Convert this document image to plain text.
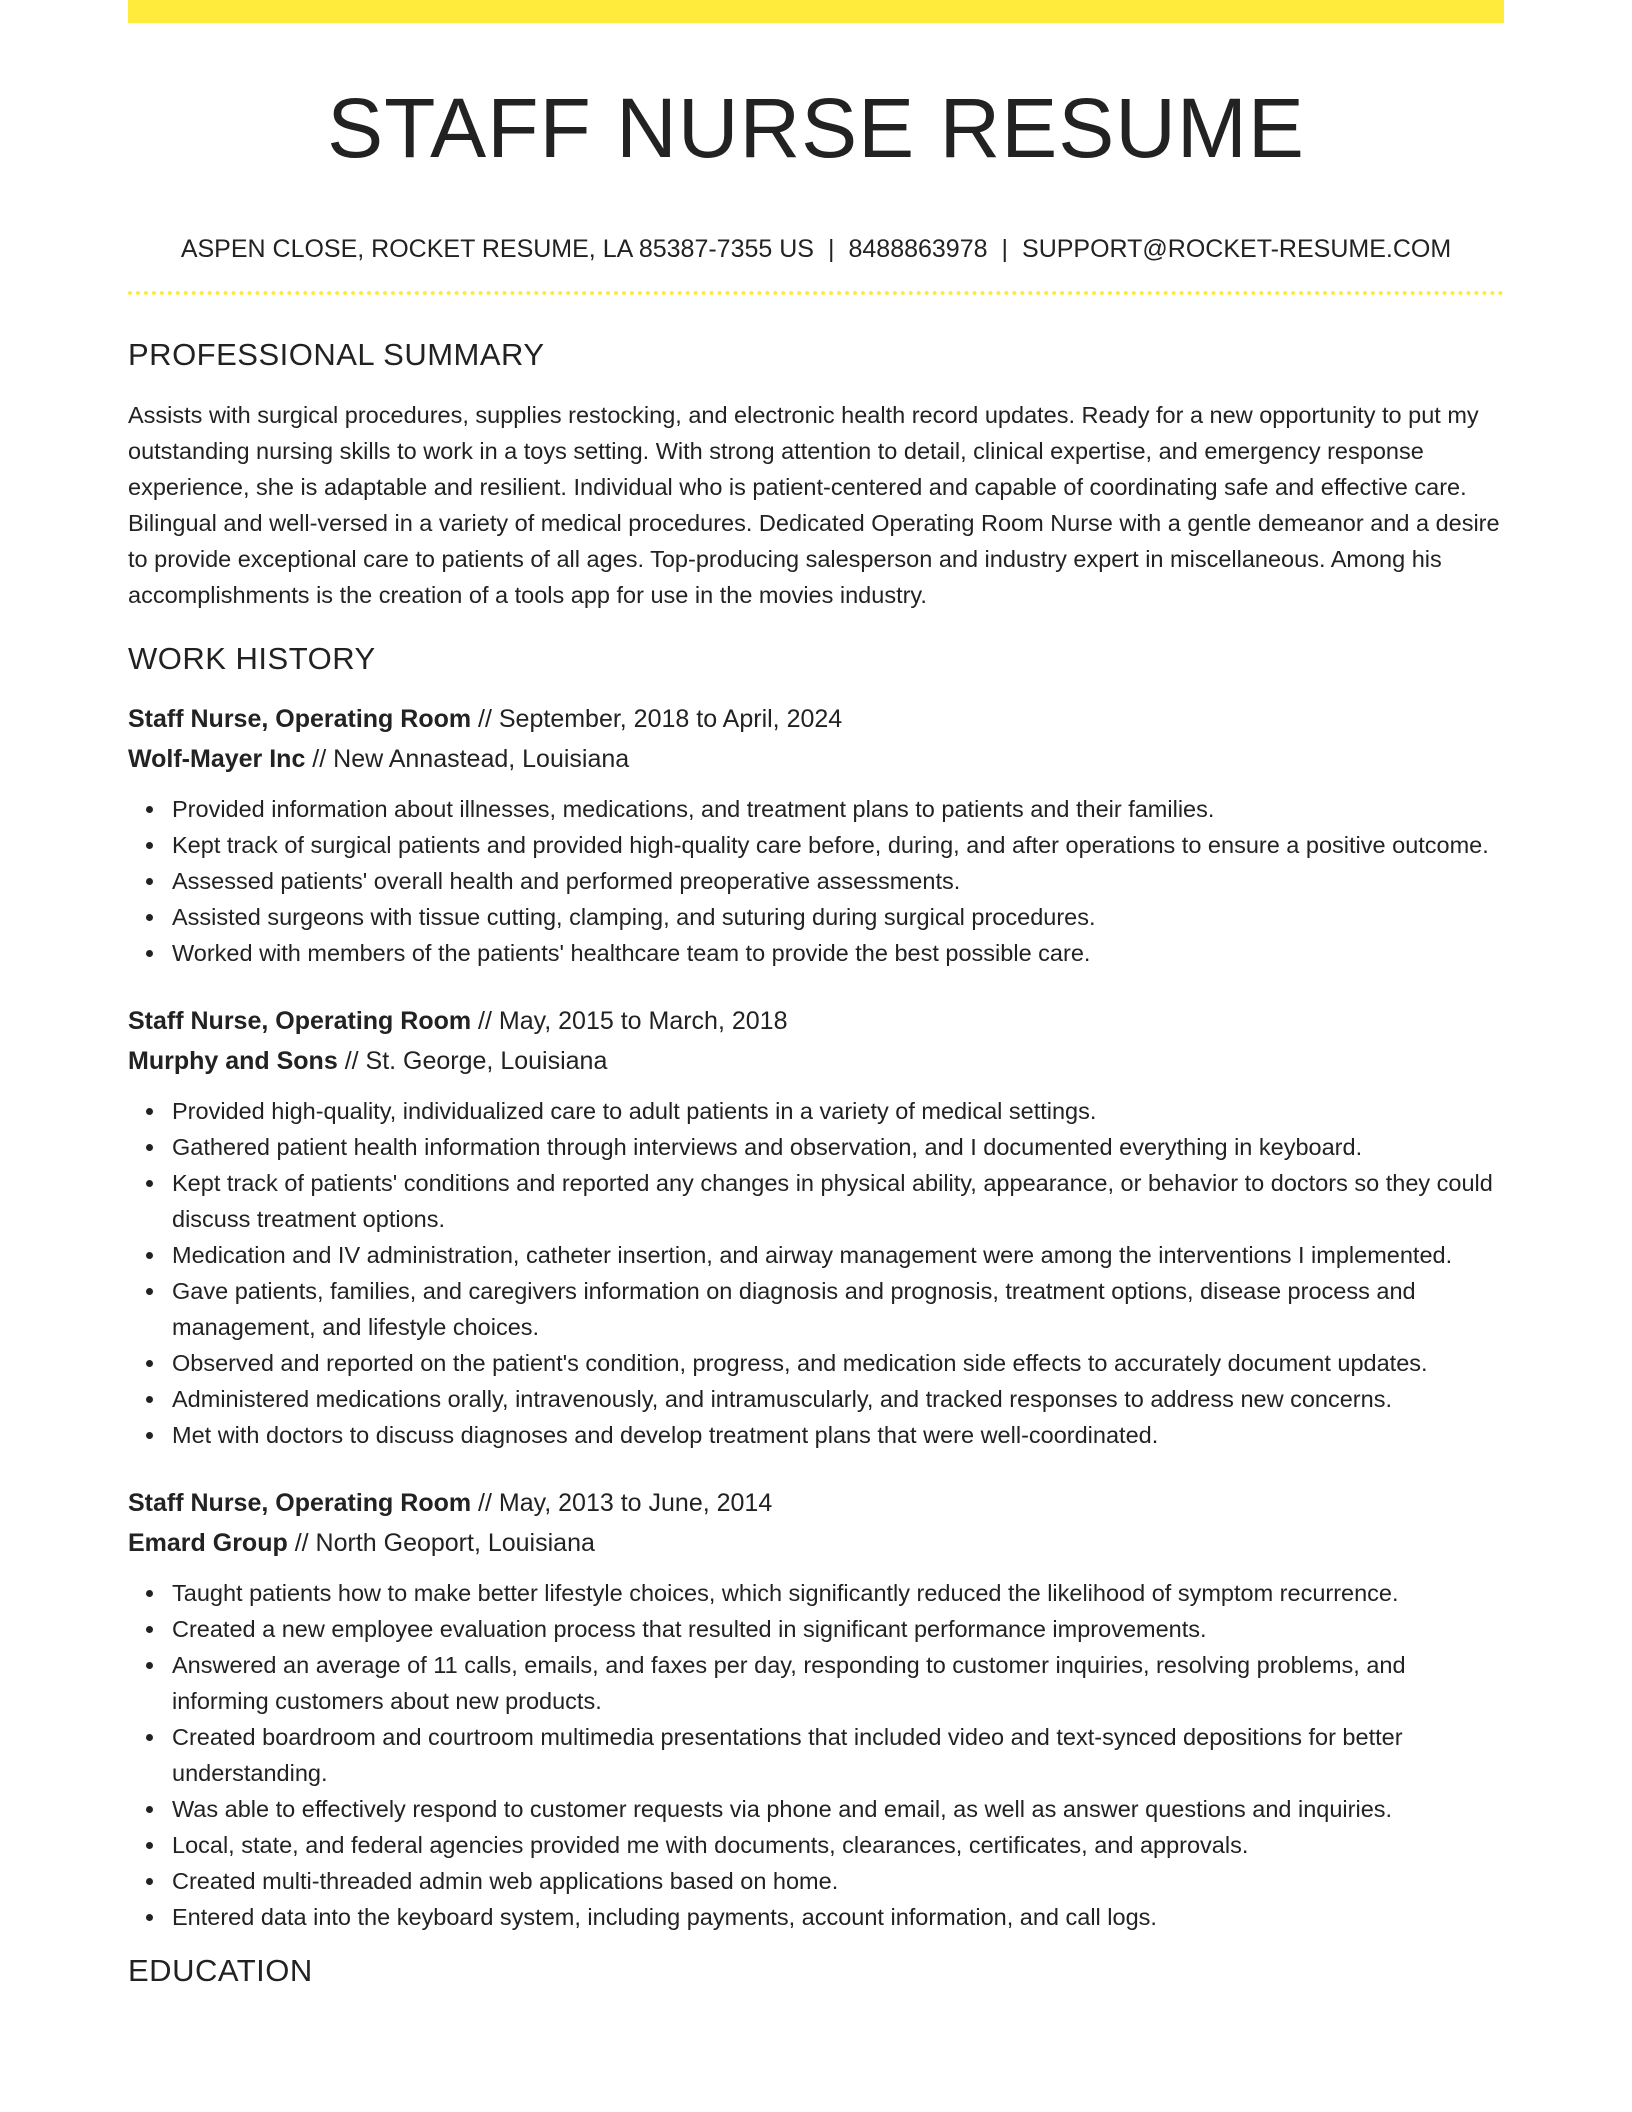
STAFF NURSE RESUME
ASPEN CLOSE, ROCKET RESUME, LA 85387-7355 US | 8488863978 | SUPPORT@ROCKET-RESUME.COM
PROFESSIONAL SUMMARY

Assists with surgical procedures, supplies restocking, and electronic health record updates. Ready for a new opportunity to put my outstanding nursing skills to work in a toys setting. With strong attention to detail, clinical expertise, and emergency response experience, she is adaptable and resilient. Individual who is patient-centered and capable of coordinating safe and effective care. Bilingual and well-versed in a variety of medical procedures. Dedicated Operating Room Nurse with a gentle demeanor and a desire to provide exceptional care to patients of all ages. Top-producing salesperson and industry expert in miscellaneous. Among his accomplishments is the creation of a tools app for use in the movies industry.

WORK HISTORY
Staff Nurse, Operating Room // September, 2018 to April, 2024
Wolf-Mayer Inc // New Annastead, Louisiana
Provided information about illnesses, medications, and treatment plans to patients and their families.
Kept track of surgical patients and provided high-quality care before, during, and after operations to ensure a positive outcome.
Assessed patients' overall health and performed preoperative assessments.
Assisted surgeons with tissue cutting, clamping, and suturing during surgical procedures.
Worked with members of the patients' healthcare team to provide the best possible care.
Staff Nurse, Operating Room // May, 2015 to March, 2018
Murphy and Sons // St. George, Louisiana
Provided high-quality, individualized care to adult patients in a variety of medical settings.
Gathered patient health information through interviews and observation, and I documented everything in keyboard.
Kept track of patients' conditions and reported any changes in physical ability, appearance, or behavior to doctors so they could discuss treatment options.
Medication and IV administration, catheter insertion, and airway management were among the interventions I implemented.
Gave patients, families, and caregivers information on diagnosis and prognosis, treatment options, disease process and management, and lifestyle choices.
Observed and reported on the patient's condition, progress, and medication side effects to accurately document updates.
Administered medications orally, intravenously, and intramuscularly, and tracked responses to address new concerns.
Met with doctors to discuss diagnoses and develop treatment plans that were well-coordinated.
Staff Nurse, Operating Room // May, 2013 to June, 2014
Emard Group // North Geoport, Louisiana
Taught patients how to make better lifestyle choices, which significantly reduced the likelihood of symptom recurrence.
Created a new employee evaluation process that resulted in significant performance improvements.
Answered an average of 11 calls, emails, and faxes per day, responding to customer inquiries, resolving problems, and informing customers about new products.
Created boardroom and courtroom multimedia presentations that included video and text-synced depositions for better understanding.
Was able to effectively respond to customer requests via phone and email, as well as answer questions and inquiries.
Local, state, and federal agencies provided me with documents, clearances, certificates, and approvals.
Created multi-threaded admin web applications based on home.
Entered data into the keyboard system, including payments, account information, and call logs.
EDUCATION
